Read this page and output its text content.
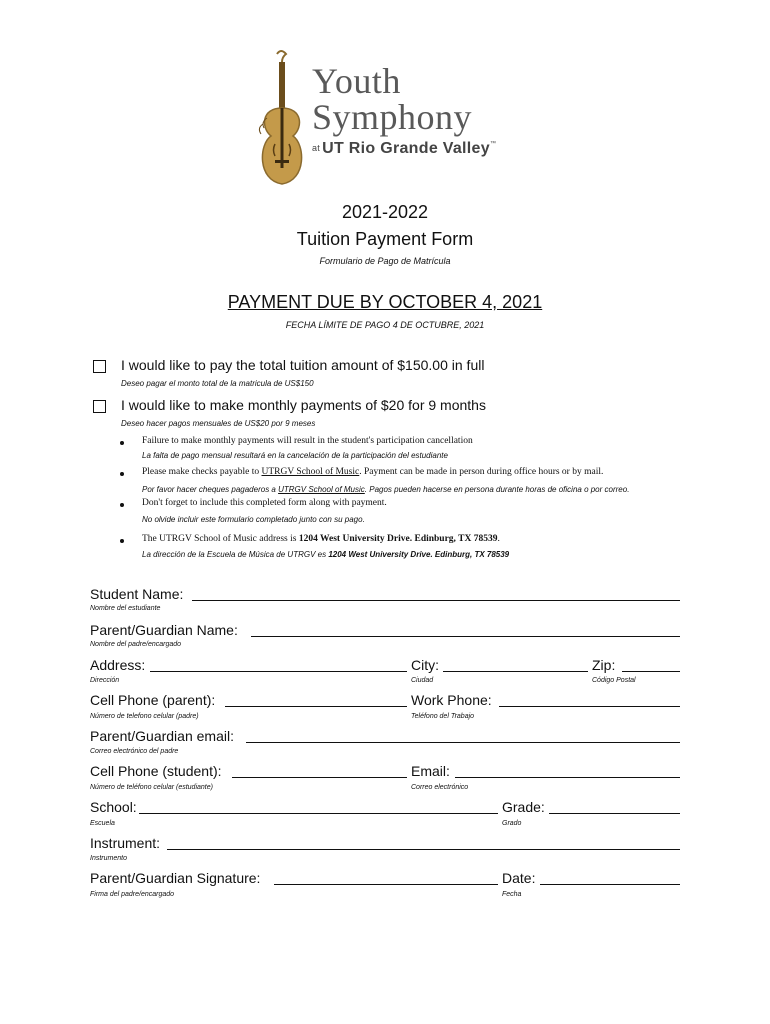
Youth
Symphony
at UT Rio Grande Valley™
2021-2022
Tuition Payment Form
Formulario de Pago de Matrícula
PAYMENT DUE BY OCTOBER 4, 2021
FECHA LÍMITE DE PAGO 4 DE OCTUBRE, 2021
I would like to pay the total tuition amount of $150.00 in full
Deseo pagar el monto total de la matricula de US$150
I would like to make monthly payments of $20 for 9 months
Deseo hacer pagos mensuales de US$20 por 9 meses
Failure to make monthly payments will result in the student's participation cancellation
La falta de pago mensual resultará en la cancelación de la participación del estudiante
Please make checks payable to UTRGV School of Music. Payment can be made in person during office hours or by mail.
Por favor hacer cheques pagaderos a UTRGV School of Music. Pagos pueden hacerse en persona durante horas de oficina o por correo.
Don't forget to include this completed form along with payment.
No olvide incluir este formulario completado junto con su pago.
The UTRGV School of Music address is 1204 West University Drive. Edinburg, TX 78539.
La dirección de la Escuela de Música de UTRGV es 1204 West University Drive. Edinburg, TX 78539
Student Name:
Nombre del estudiante
Parent/Guardian Name:
Nombre del padre/encargado
Address:
Dirección
City:
Ciudad
Zip:
Código Postal
Cell Phone (parent):
Número de telefono celular (padre)
Work Phone:
Teléfono del Trabajo
Parent/Guardian email:
Correo electrónico del padre
Cell Phone (student):
Número de teléfono celular (estudiante)
Email:
Correo electrónico
School:
Escuela
Grade:
Grado
Instrument:
Instrumento
Parent/Guardian Signature:
Firma del padre/encargado
Date:
Fecha
